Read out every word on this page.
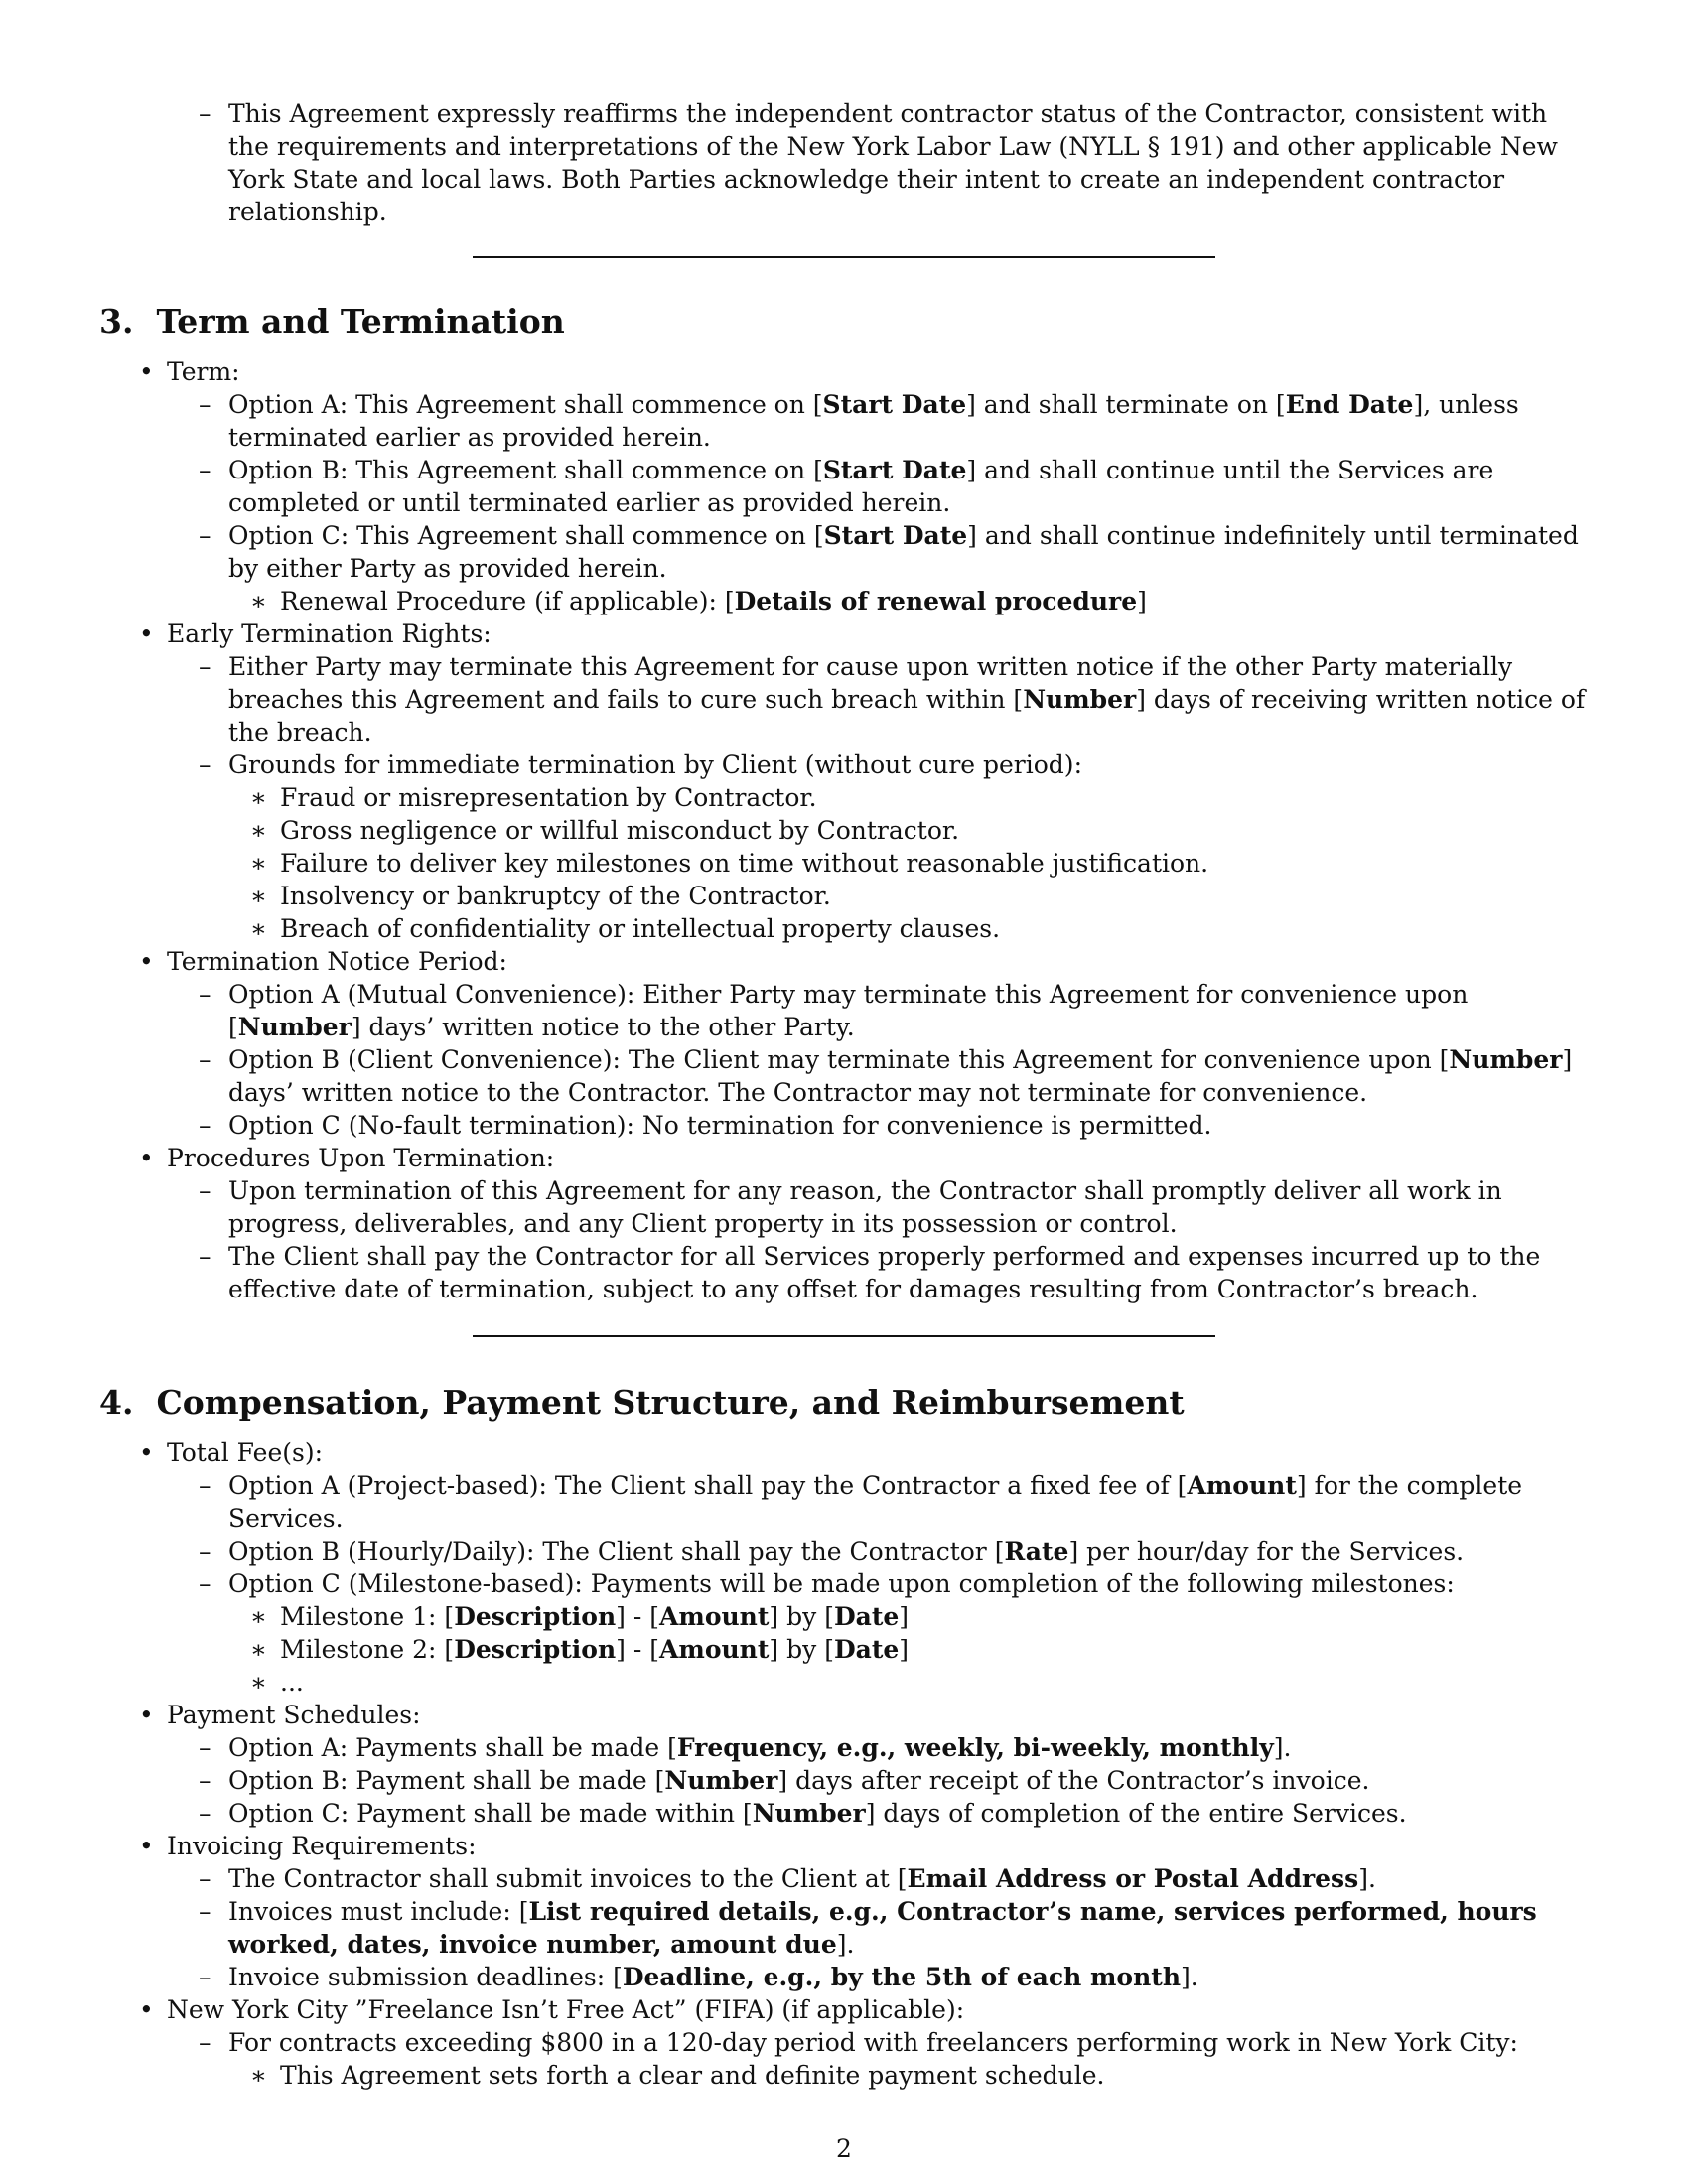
– This Agreement expressly reaffirms the independent contractor status of the Contractor, consistent with the requirements and interpretations of the New York Labor Law (NYLL § 191) and other applicable New York State and local laws. Both Parties acknowledge their intent to create an independent contractor relationship.
3. Term and Termination
• Term:
– Option A: This Agreement shall commence on [Start Date] and shall terminate on [End Date], unless terminated earlier as provided herein.
– Option B: This Agreement shall commence on [Start Date] and shall continue until the Services are completed or until terminated earlier as provided herein.
– Option C: This Agreement shall commence on [Start Date] and shall continue indefinitely until terminated by either Party as provided herein.
∗ Renewal Procedure (if applicable): [Details of renewal procedure]
• Early Termination Rights:
– Either Party may terminate this Agreement for cause upon written notice if the other Party materially breaches this Agreement and fails to cure such breach within [Number] days of receiving written notice of the breach.
– Grounds for immediate termination by Client (without cure period):
∗ Fraud or misrepresentation by Contractor.
∗ Gross negligence or willful misconduct by Contractor.
∗ Failure to deliver key milestones on time without reasonable justification.
∗ Insolvency or bankruptcy of the Contractor.
∗ Breach of confidentiality or intellectual property clauses.
• Termination Notice Period:
– Option A (Mutual Convenience): Either Party may terminate this Agreement for convenience upon [Number] days’ written notice to the other Party.
– Option B (Client Convenience): The Client may terminate this Agreement for convenience upon [Number] days’ written notice to the Contractor. The Contractor may not terminate for convenience.
– Option C (No-fault termination): No termination for convenience is permitted.
• Procedures Upon Termination:
– Upon termination of this Agreement for any reason, the Contractor shall promptly deliver all work in progress, deliverables, and any Client property in its possession or control.
– The Client shall pay the Contractor for all Services properly performed and expenses incurred up to the effective date of termination, subject to any offset for damages resulting from Contractor’s breach.
4. Compensation, Payment Structure, and Reimbursement
• Total Fee(s):
– Option A (Project-based): The Client shall pay the Contractor a fixed fee of [Amount] for the complete Services.
– Option B (Hourly/Daily): The Client shall pay the Contractor [Rate] per hour/day for the Services.
– Option C (Milestone-based): Payments will be made upon completion of the following milestones:
∗ Milestone 1: [Description] - [Amount] by [Date]
∗ Milestone 2: [Description] - [Amount] by [Date]
∗ ...
• Payment Schedules:
– Option A: Payments shall be made [Frequency, e.g., weekly, bi-weekly, monthly].
– Option B: Payment shall be made [Number] days after receipt of the Contractor’s invoice.
– Option C: Payment shall be made within [Number] days of completion of the entire Services.
• Invoicing Requirements:
– The Contractor shall submit invoices to the Client at [Email Address or Postal Address].
– Invoices must include: [List required details, e.g., Contractor’s name, services performed, hours worked, dates, invoice number, amount due].
– Invoice submission deadlines: [Deadline, e.g., by the 5th of each month].
• New York City ”Freelance Isn’t Free Act” (FIFA) (if applicable):
– For contracts exceeding $800 in a 120-day period with freelancers performing work in New York City:
∗ This Agreement sets forth a clear and definite payment schedule.
2
